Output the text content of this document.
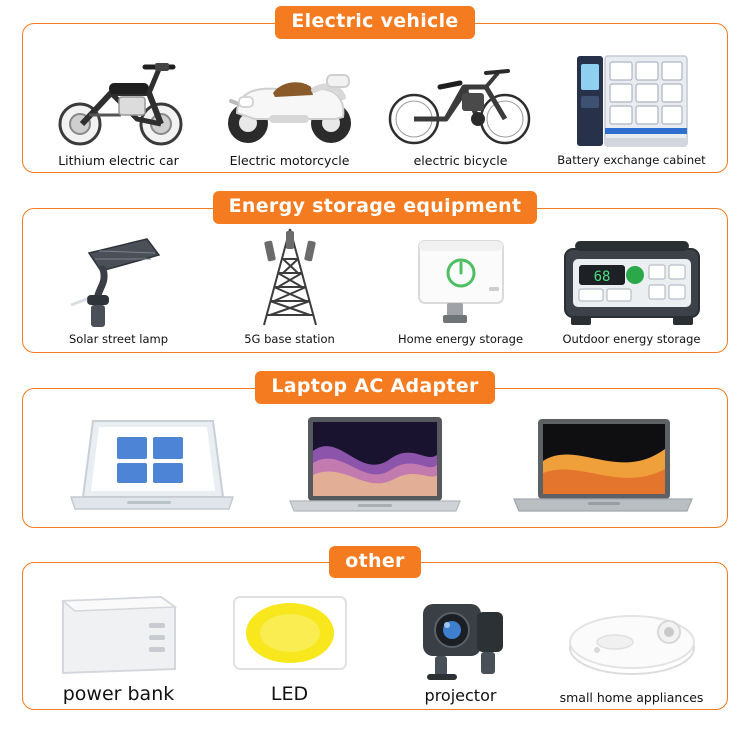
Electric vehicle
Lithium electric car	Electric motorcycle	electric bicycle	Battery exchange cabinet
Energy storage equipment
Solar street lamp	5G base station	Home energy storage
68
Outdoor energy storage
Laptop AC Adapter
other
power bank	LED	projector	small home appliances
